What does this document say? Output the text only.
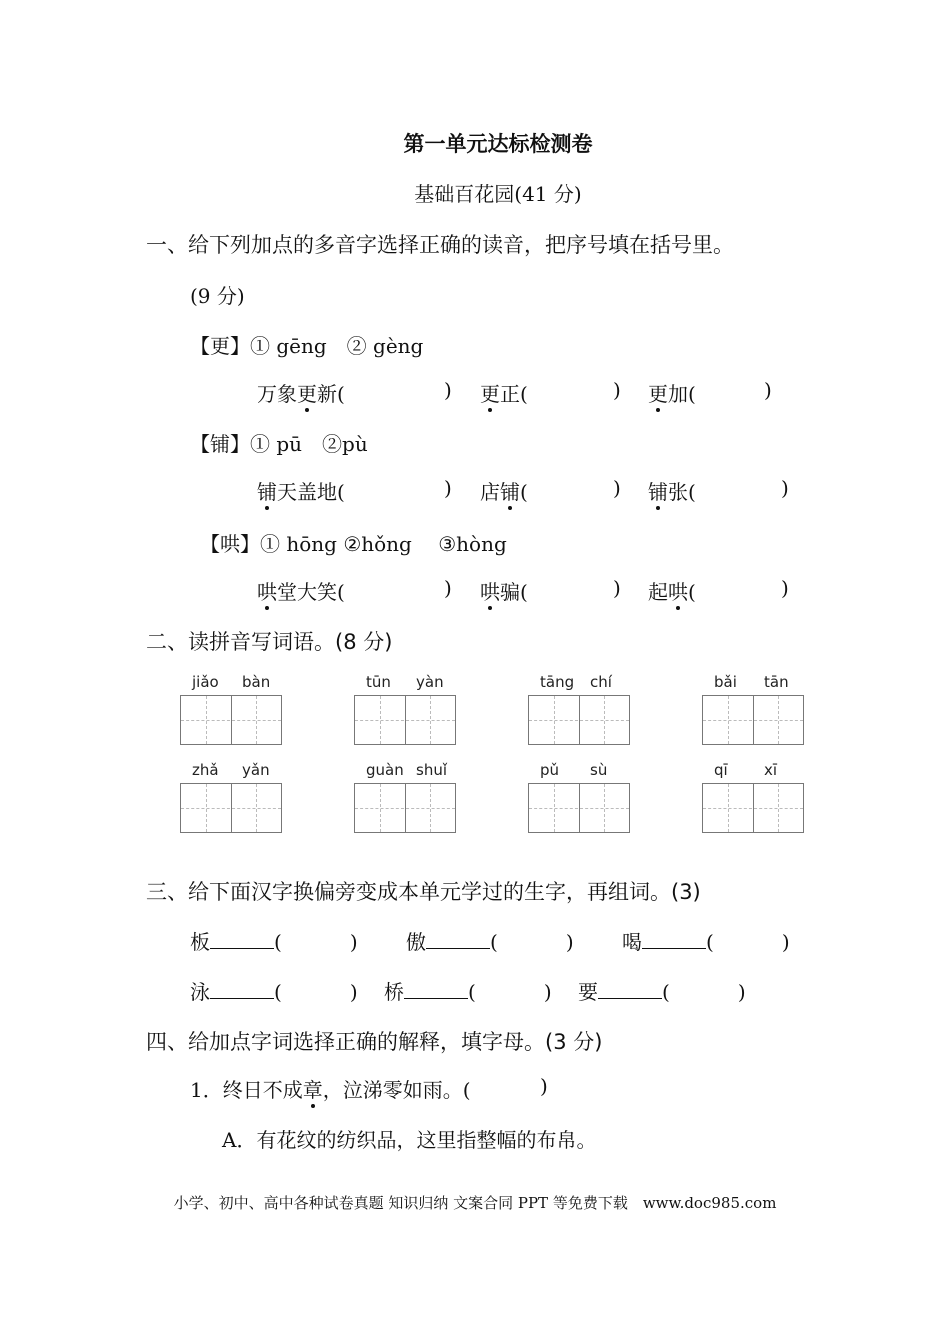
第一单元达标检测卷
基础百花园(41 分)
一、给下列加点的多音字选择正确的读音，把序号填在括号里。
(9 分)
【更】① gēng　② gèng
万象更新(	) 更正(	) 更加(	)
【铺】① pū　②pù
铺天盖地(	) 店铺(	) 铺张(	)
【哄】① hōng ②hǒng　 ③hòng
哄堂大笑(	) 哄骗(	) 起哄(	)
二、读拼音写词语。(8 分)
jiǎo bàn	tūn yàn	tāng chí	bǎi tān
zhǎ yǎn	guàn shuǐ	pǔ sù	qī xī
三、给下面汉字换偏旁变成本单元学过的生字，再组词。(3)
板	(	) 傲	(	) 喝	(	)
泳	(	) 桥	(	) 要	(	)
四、给加点字词选择正确的解释，填字母。(3 分)
1．终日不成章，泣涕零如雨。(	)
A．有花纹的纺织品，这里指整幅的布帛。
小学、初中、高中各种试卷真题 知识归纳 文案合同 PPT 等免费下载　www.doc985.com
